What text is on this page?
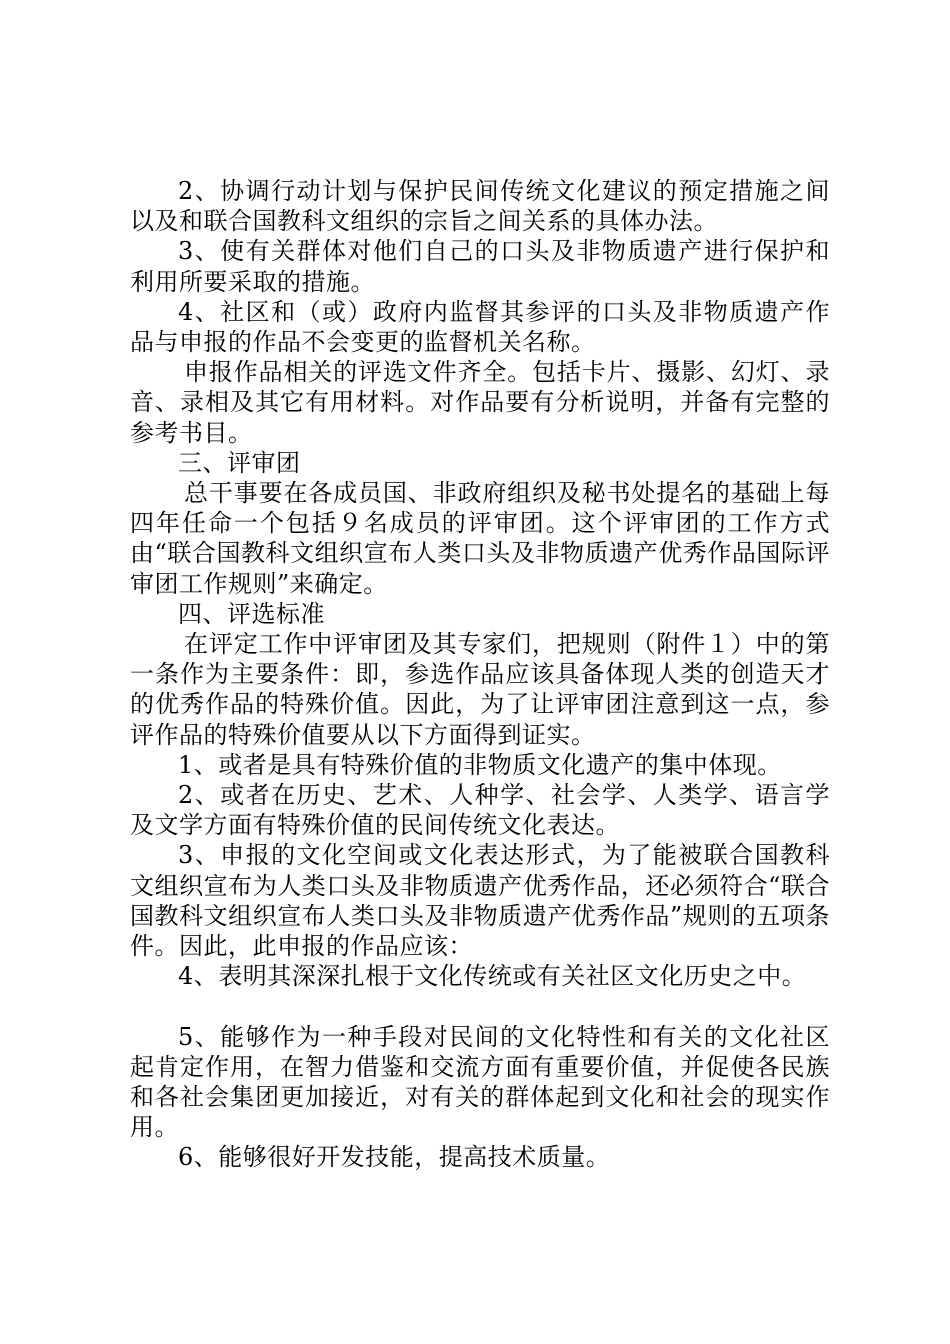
2、协调行动计划与保护民间传统文化建议的预定措施之间以及和联合国教科文组织的宗旨之间关系的具体办法。

3、使有关群体对他们自己的口头及非物质遗产进行保护和利用所要采取的措施。

4、社区和（或）政府内监督其参评的口头及非物质遗产作品与申报的作品不会变更的监督机关名称。

申报作品相关的评选文件齐全。包括卡片、摄影、幻灯、录音、录相及其它有用材料。对作品要有分析说明，并备有完整的参考书目。

三、评审团

总干事要在各成员国、非政府组织及秘书处提名的基础上每四年任命一个包括９名成员的评审团。这个评审团的工作方式由“联合国教科文组织宣布人类口头及非物质遗产优秀作品国际评审团工作规则”来确定。

四、评选标准

在评定工作中评审团及其专家们，把规则（附件１）中的第一条作为主要条件：即，参选作品应该具备体现人类的创造天才的优秀作品的特殊价值。因此，为了让评审团注意到这一点，参评作品的特殊价值要从以下方面得到证实。

1、或者是具有特殊价值的非物质文化遗产的集中体现。

2、或者在历史、艺术、人种学、社会学、人类学、语言学及文学方面有特殊价值的民间传统文化表达。

3、申报的文化空间或文化表达形式，为了能被联合国教科文组织宣布为人类口头及非物质遗产优秀作品，还必须符合“联合国教科文组织宣布人类口头及非物质遗产优秀作品”规则的五项条件。因此，此申报的作品应该：

4、表明其深深扎根于文化传统或有关社区文化历史之中。

5、能够作为一种手段对民间的文化特性和有关的文化社区起肯定作用，在智力借鉴和交流方面有重要价值，并促使各民族和各社会集团更加接近，对有关的群体起到文化和社会的现实作用。

6、能够很好开发技能，提高技术质量。
